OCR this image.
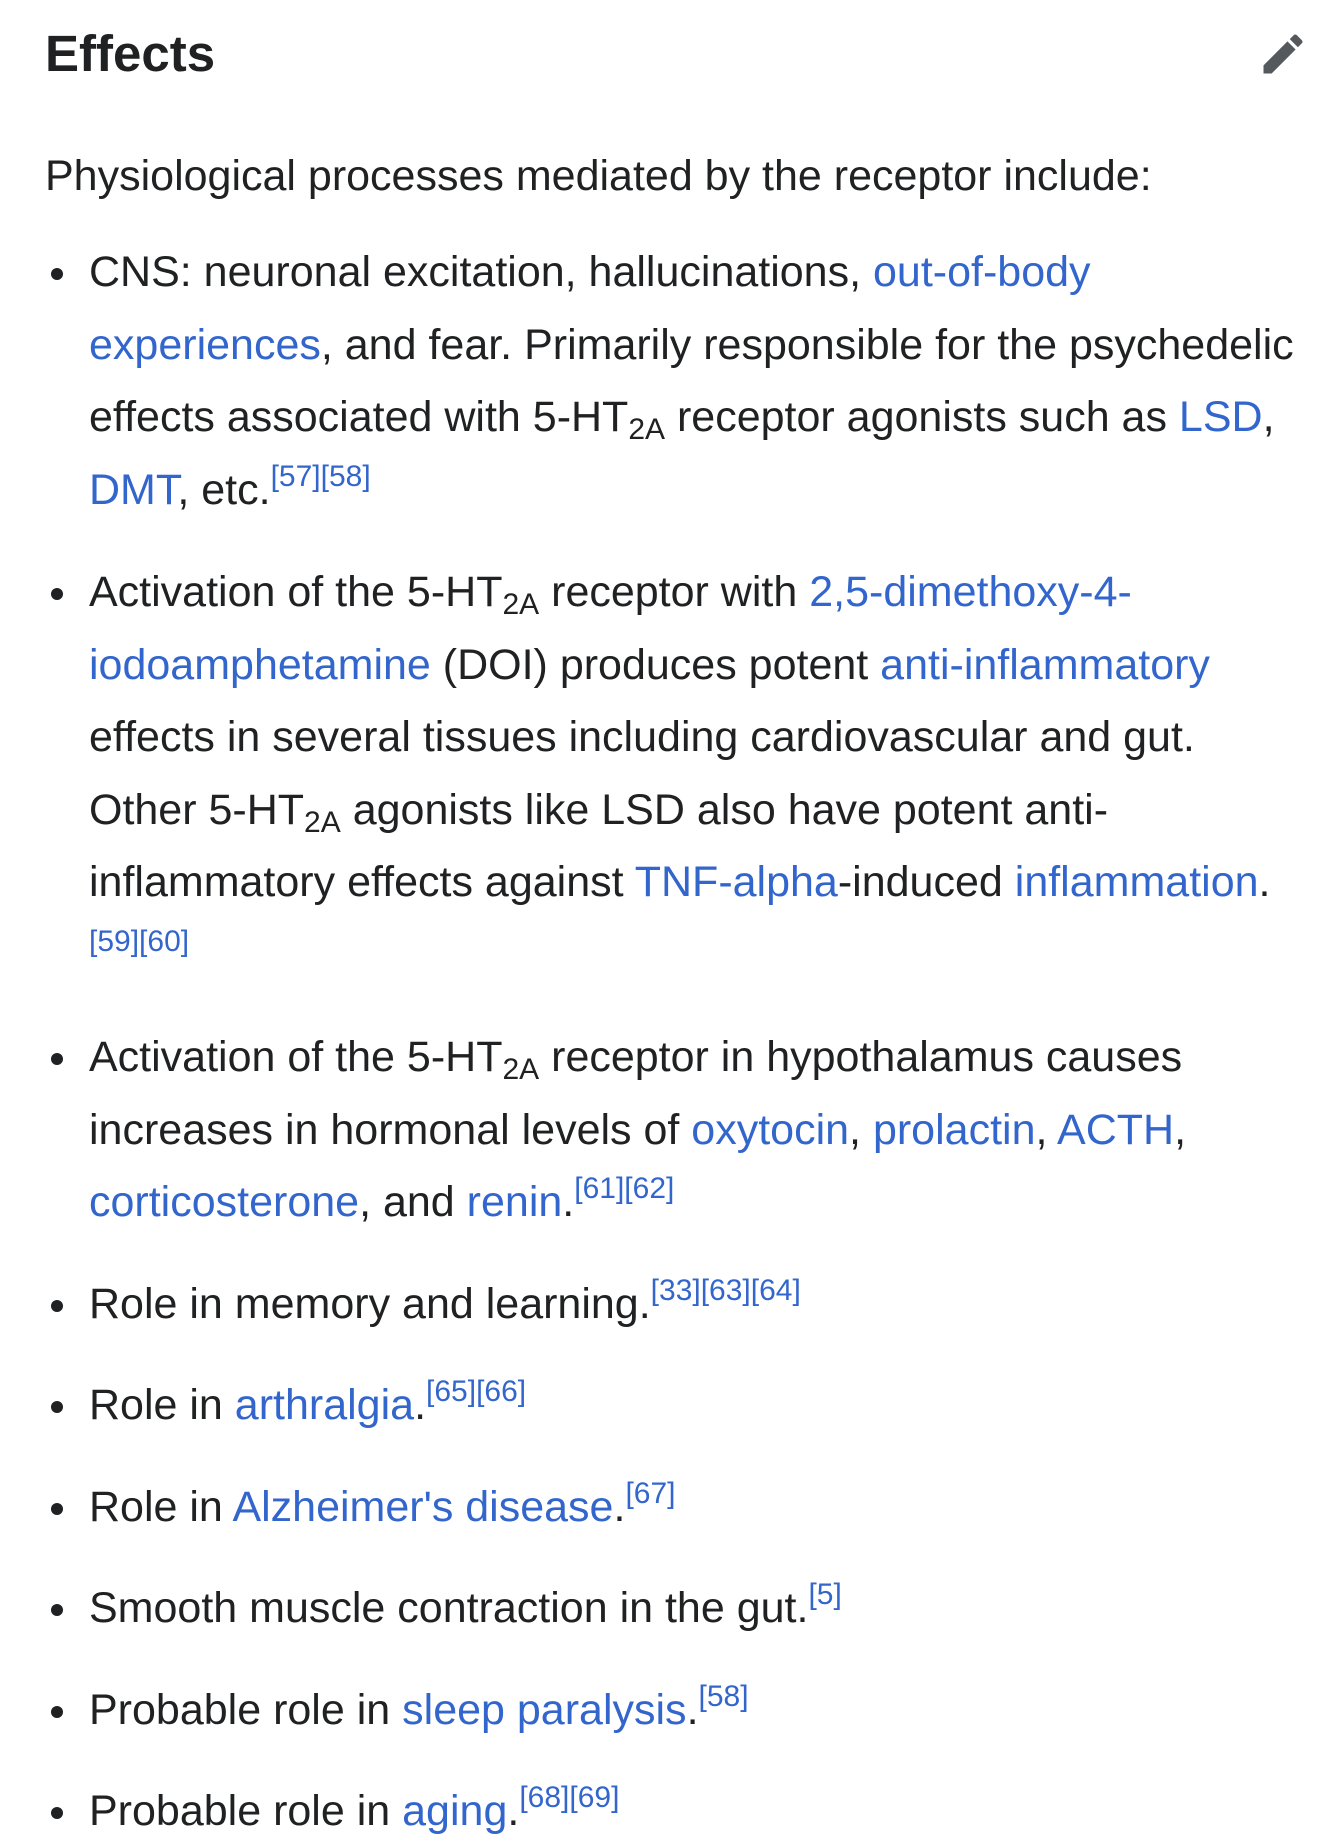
Effects

Physiological processes mediated by the receptor include:

CNS: neuronal excitation, hallucinations, out-of-body experiences, and fear. Primarily responsible for the psychedelic effects associated with $5-HT_{2A}$ receptor agonists such as LSD, DMT, etc.[57][58]
Activation of the $5-HT_{2A}$ receptor with 2,5-dimethoxy-4-iodoamphetamine (DOI) produces potent anti-inflammatory effects in several tissues including cardiovascular and gut. Other $5-HT_{2A}$ agonists like LSD also have potent anti-inflammatory effects against TNF-alpha-induced inflammation.[59][60]
Activation of the $5-HT_{2A}$ receptor in hypothalamus causes increases in hormonal levels of oxytocin, prolactin, ACTH, corticosterone, and renin.[61][62]
Role in memory and learning.[33][63][64]
Role in arthralgia.[65][66]
Role in Alzheimer's disease.[67]
Smooth muscle contraction in the gut.[5]
Probable role in sleep paralysis.[58]
Probable role in aging.[68][69]
